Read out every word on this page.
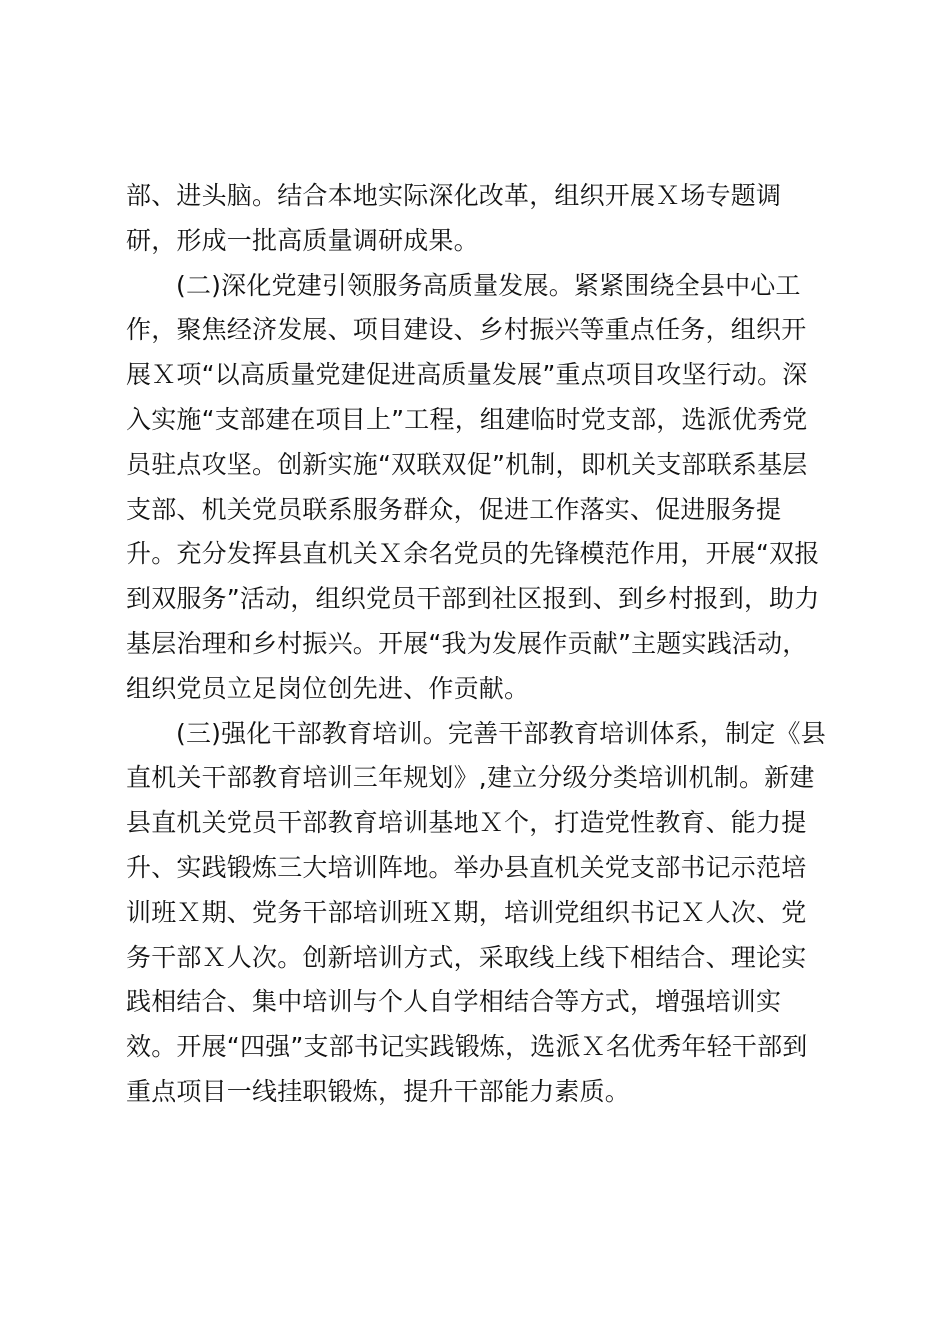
部、进头脑。结合本地实际深化改革，组织开展Ｘ场专题调
研，形成一批高质量调研成果。
(二)深化党建引领服务高质量发展。紧紧围绕全县中心工
作，聚焦经济发展、项目建设、乡村振兴等重点任务，组织开
展Ｘ项“以高质量党建促进高质量发展”重点项目攻坚行动。深
入实施“支部建在项目上”工程，组建临时党支部，选派优秀党
员驻点攻坚。创新实施“双联双促”机制，即机关支部联系基层
支部、机关党员联系服务群众，促进工作落实、促进服务提
升。充分发挥县直机关Ｘ余名党员的先锋模范作用，开展“双报
到双服务”活动，组织党员干部到社区报到、到乡村报到，助力
基层治理和乡村振兴。开展“我为发展作贡献”主题实践活动，
组织党员立足岗位创先进、作贡献。
(三)强化干部教育培训。完善干部教育培训体系，制定《县
直机关干部教育培训三年规划》,建立分级分类培训机制。新建
县直机关党员干部教育培训基地Ｘ个，打造党性教育、能力提
升、实践锻炼三大培训阵地。举办县直机关党支部书记示范培
训班Ｘ期、党务干部培训班Ｘ期，培训党组织书记Ｘ人次、党
务干部Ｘ人次。创新培训方式，采取线上线下相结合、理论实
践相结合、集中培训与个人自学相结合等方式，增强培训实
效。开展“四强”支部书记实践锻炼，选派Ｘ名优秀年轻干部到
重点项目一线挂职锻炼，提升干部能力素质。
